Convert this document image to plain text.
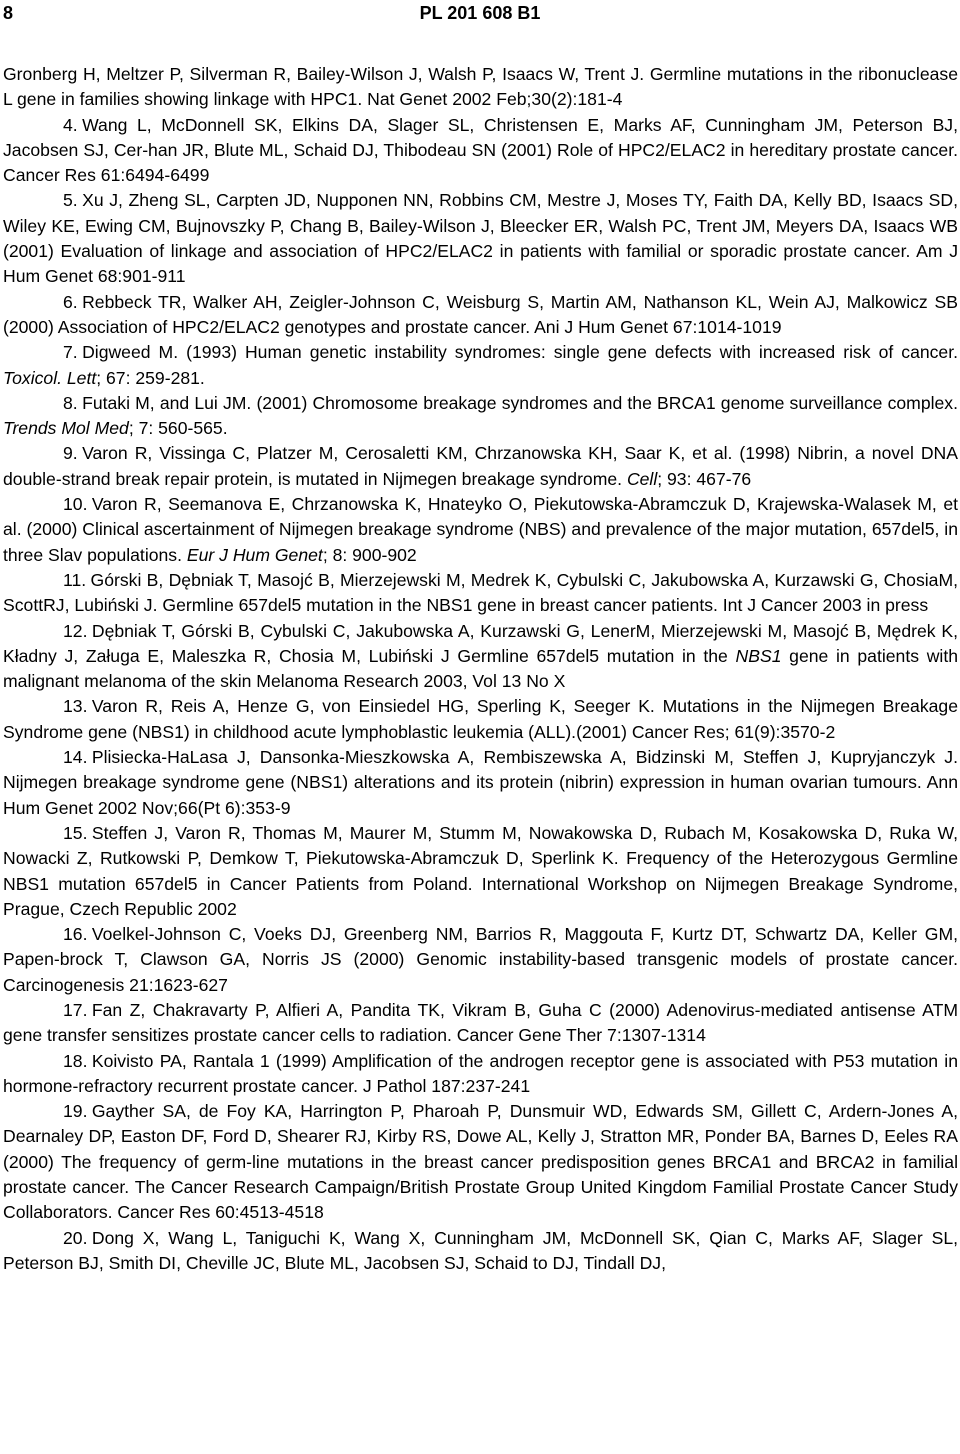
8	PL 201 608 B1

Gronberg H, Meltzer P, Silverman R, Bailey-Wilson J, Walsh P, Isaacs W, Trent J. Germline mutations in the ribonuclease L gene in families showing linkage with HPC1. Nat Genet 2002 Feb;30(2):181-4

4. Wang L, McDonnell SK, Elkins DA, Slager SL, Christensen E, Marks AF, Cunningham JM, Peterson BJ, Jacobsen SJ, Cer-han JR, Blute ML, Schaid DJ, Thibodeau SN (2001) Role of HPC2/ELAC2 in hereditary prostate cancer. Cancer Res 61:6494-6499

5. Xu J, Zheng SL, Carpten JD, Nupponen NN, Robbins CM, Mestre J, Moses TY, Faith DA, Kelly BD, Isaacs SD, Wiley KE, Ewing CM, Bujnovszky P, Chang B, Bailey-Wilson J, Bleecker ER, Walsh PC, Trent JM, Meyers DA, Isaacs WB (2001) Evaluation of linkage and association of HPC2/ELAC2 in patients with familial or sporadic prostate cancer. Am J Hum Genet 68:901-911

6. Rebbeck TR, Walker AH, Zeigler-Johnson C, Weisburg S, Martin AM, Nathanson KL, Wein AJ, Malkowicz SB (2000) Association of HPC2/ELAC2 genotypes and prostate cancer. Ani J Hum Genet 67:1014-1019

7. Digweed M. (1993) Human genetic instability syndromes: single gene defects with increased risk of cancer. Toxicol. Lett; 67: 259-281.

8. Futaki M, and Lui JM. (2001) Chromosome breakage syndromes and the BRCA1 genome surveillance complex. Trends Mol Med; 7: 560-565.

9. Varon R, Vissinga C, Platzer M, Cerosaletti KM, Chrzanowska KH, Saar K, et al. (1998) Nibrin, a novel DNA double-strand break repair protein, is mutated in Nijmegen breakage syndrome. Cell; 93: 467-76

10. Varon R, Seemanova E, Chrzanowska K, Hnateyko O, Piekutowska-Abramczuk D, Krajewska-Walasek M, et al. (2000) Clinical ascertainment of Nijmegen breakage syndrome (NBS) and prevalence of the major mutation, 657del5, in three Slav populations. Eur J Hum Genet; 8: 900-902

11. Górski B, Dębniak T, Masojć B, Mierzejewski M, Medrek K, Cybulski C, Jakubowska A, Kurzawski G, ChosiaM, ScottRJ, Lubiński J. Germline 657del5 mutation in the NBS1 gene in breast cancer patients. Int J Cancer 2003 in press

12. Dębniak T, Górski B, Cybulski C, Jakubowska A, Kurzawski G, LenerM, Mierzejewski M, Masojć B, Mędrek K, Kładny J, Załuga E, Maleszka R, Chosia M, Lubiński J Germline 657del5 mutation in the NBS1 gene in patients with malignant melanoma of the skin Melanoma Research 2003, Vol 13 No X

13. Varon R, Reis A, Henze G, von Einsiedel HG, Sperling K, Seeger K. Mutations in the Nijmegen Breakage Syndrome gene (NBS1) in childhood acute lymphoblastic leukemia (ALL).(2001) Cancer Res; 61(9):3570-2

14. Plisiecka-HaLasa J, Dansonka-Mieszkowska A, Rembiszewska A, Bidzinski M, Steffen J, Kupryjanczyk J. Nijmegen breakage syndrome gene (NBS1) alterations and its protein (nibrin) expression in human ovarian tumours. Ann Hum Genet 2002 Nov;66(Pt 6):353-9

15. Steffen J, Varon R, Thomas M, Maurer M, Stumm M, Nowakowska D, Rubach M, Kosakowska D, Ruka W, Nowacki Z, Rutkowski P, Demkow T, Piekutowska-Abramczuk D, Sperlink K. Frequency of the Heterozygous Germline NBS1 mutation 657del5 in Cancer Patients from Poland. International Workshop on Nijmegen Breakage Syndrome, Prague, Czech Republic 2002

16. Voelkel-Johnson C, Voeks DJ, Greenberg NM, Barrios R, Maggouta F, Kurtz DT, Schwartz DA, Keller GM, Papen-brock T, Clawson GA, Norris JS (2000) Genomic instability-based transgenic models of prostate cancer. Carcinogenesis 21:1623-627

17. Fan Z, Chakravarty P, Alfieri A, Pandita TK, Vikram B, Guha C (2000) Adenovirus-mediated antisense ATM gene transfer sensitizes prostate cancer cells to radiation. Cancer Gene Ther 7:1307-1314

18. Koivisto PA, Rantala 1 (1999) Amplification of the androgen receptor gene is associated with P53 mutation in hormone-refractory recurrent prostate cancer. J Pathol 187:237-241

19. Gayther SA, de Foy KA, Harrington P, Pharoah P, Dunsmuir WD, Edwards SM, Gillett C, Ardern-Jones A, Dearnaley DP, Easton DF, Ford D, Shearer RJ, Kirby RS, Dowe AL, Kelly J, Stratton MR, Ponder BA, Barnes D, Eeles RA (2000) The frequency of germ-line mutations in the breast cancer predisposition genes BRCA1 and BRCA2 in familial prostate cancer. The Cancer Research Campaign/British Prostate Group United Kingdom Familial Prostate Cancer Study Collaborators. Cancer Res 60:4513-4518

20. Dong X, Wang L, Taniguchi K, Wang X, Cunningham JM, McDonnell SK, Qian C, Marks AF, Slager SL, Peterson BJ, Smith DI, Cheville JC, Blute ML, Jacobsen SJ, Schaid to DJ, Tindall DJ,
